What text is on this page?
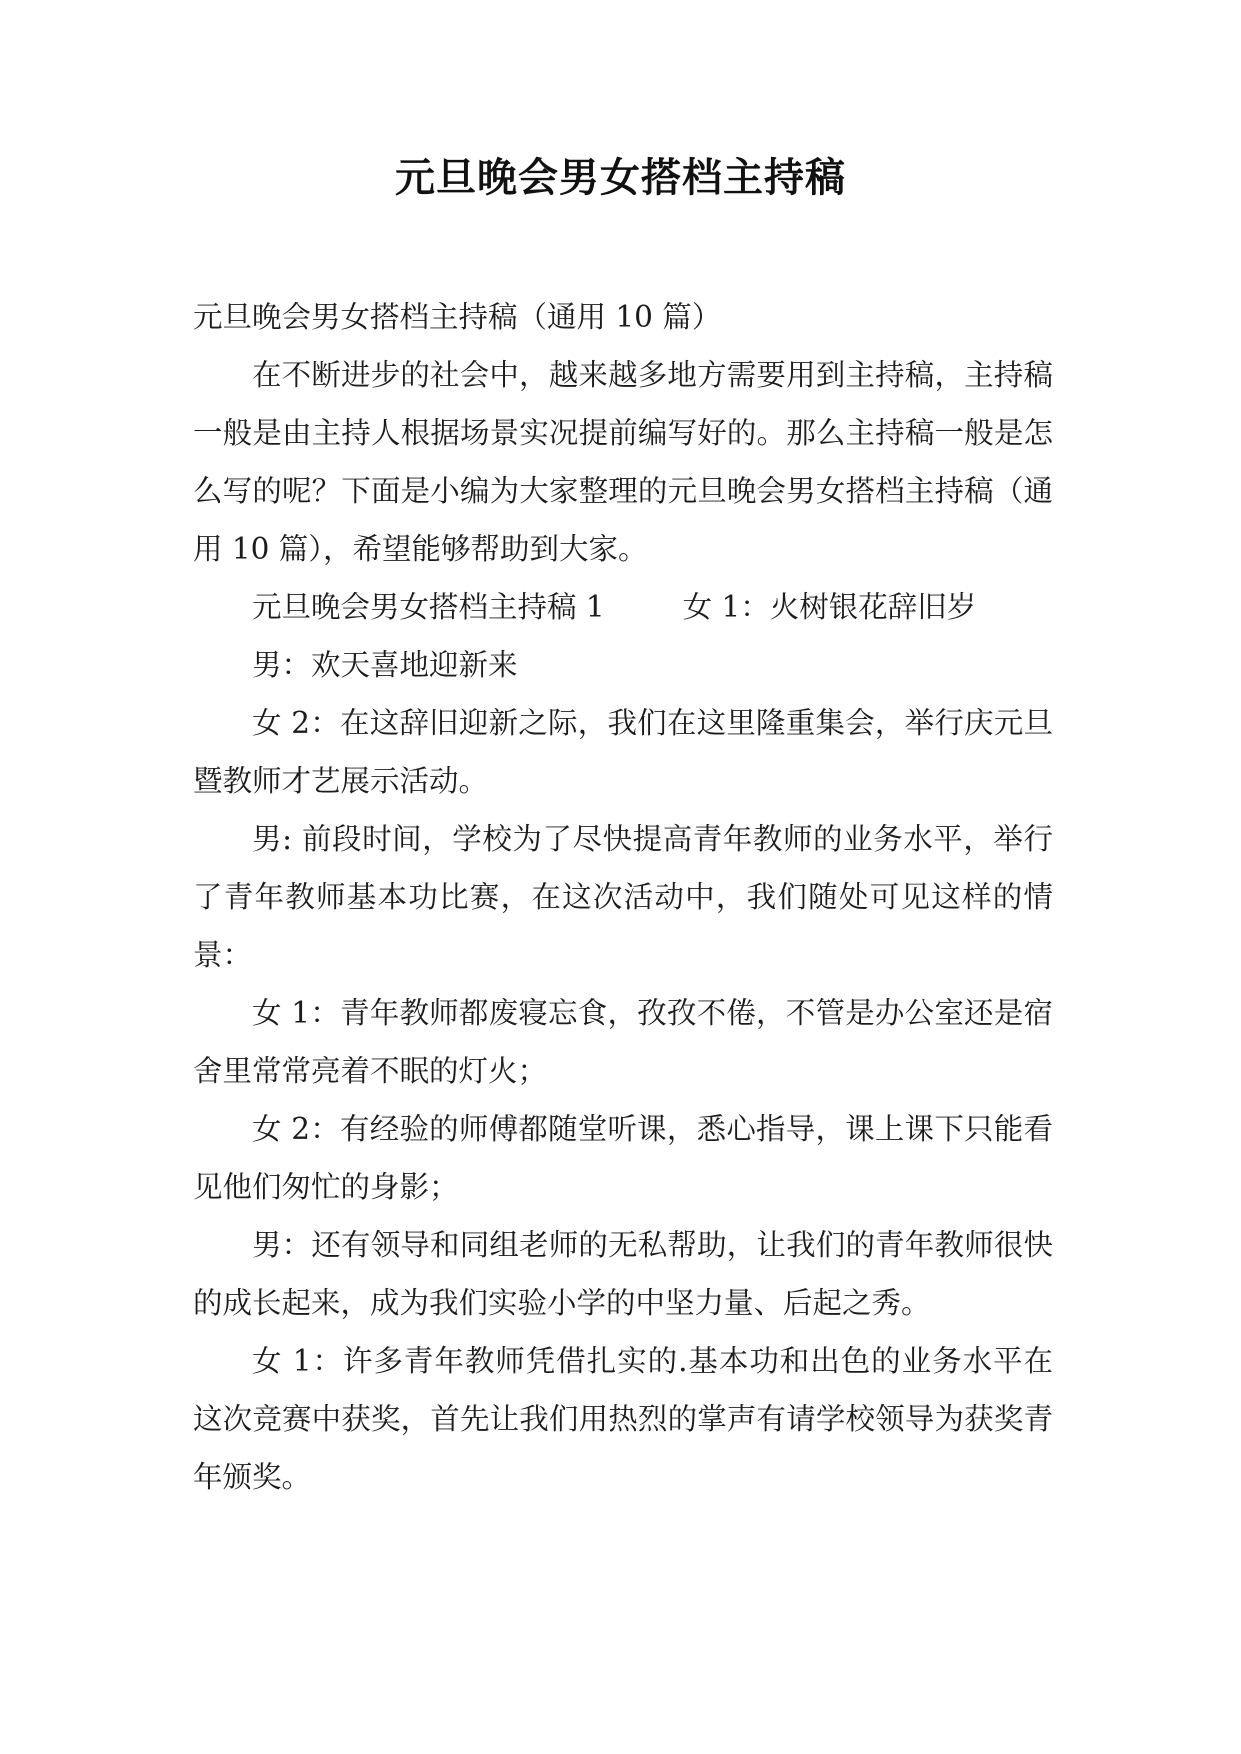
元旦晚会男女搭档主持稿

元旦晚会男女搭档主持稿（通用 10 篇）

在不断进步的社会中，越来越多地方需要用到主持稿，主持稿一般是由主持人根据场景实况提前编写好的。那么主持稿一般是怎么写的呢？下面是小编为大家整理的元旦晚会男女搭档主持稿（通用 10 篇），希望能够帮助到大家。

元旦晚会男女搭档主持稿 1	女 1：火树银花辞旧岁

男：欢天喜地迎新来

女 2：在这辞旧迎新之际，我们在这里隆重集会，举行庆元旦暨教师才艺展示活动。

男: 前段时间，学校为了尽快提高青年教师的业务水平，举行了青年教师基本功比赛，在这次活动中，我们随处可见这样的情景：

女 1：青年教师都废寝忘食，孜孜不倦，不管是办公室还是宿舍里常常亮着不眠的灯火；

女 2：有经验的师傅都随堂听课，悉心指导，课上课下只能看见他们匆忙的身影；

男：还有领导和同组老师的无私帮助，让我们的青年教师很快的成长起来，成为我们实验小学的中坚力量、后起之秀。

女 1：许多青年教师凭借扎实的.基本功和出色的业务水平在这次竞赛中获奖，首先让我们用热烈的掌声有请学校领导为获奖青年颁奖。
